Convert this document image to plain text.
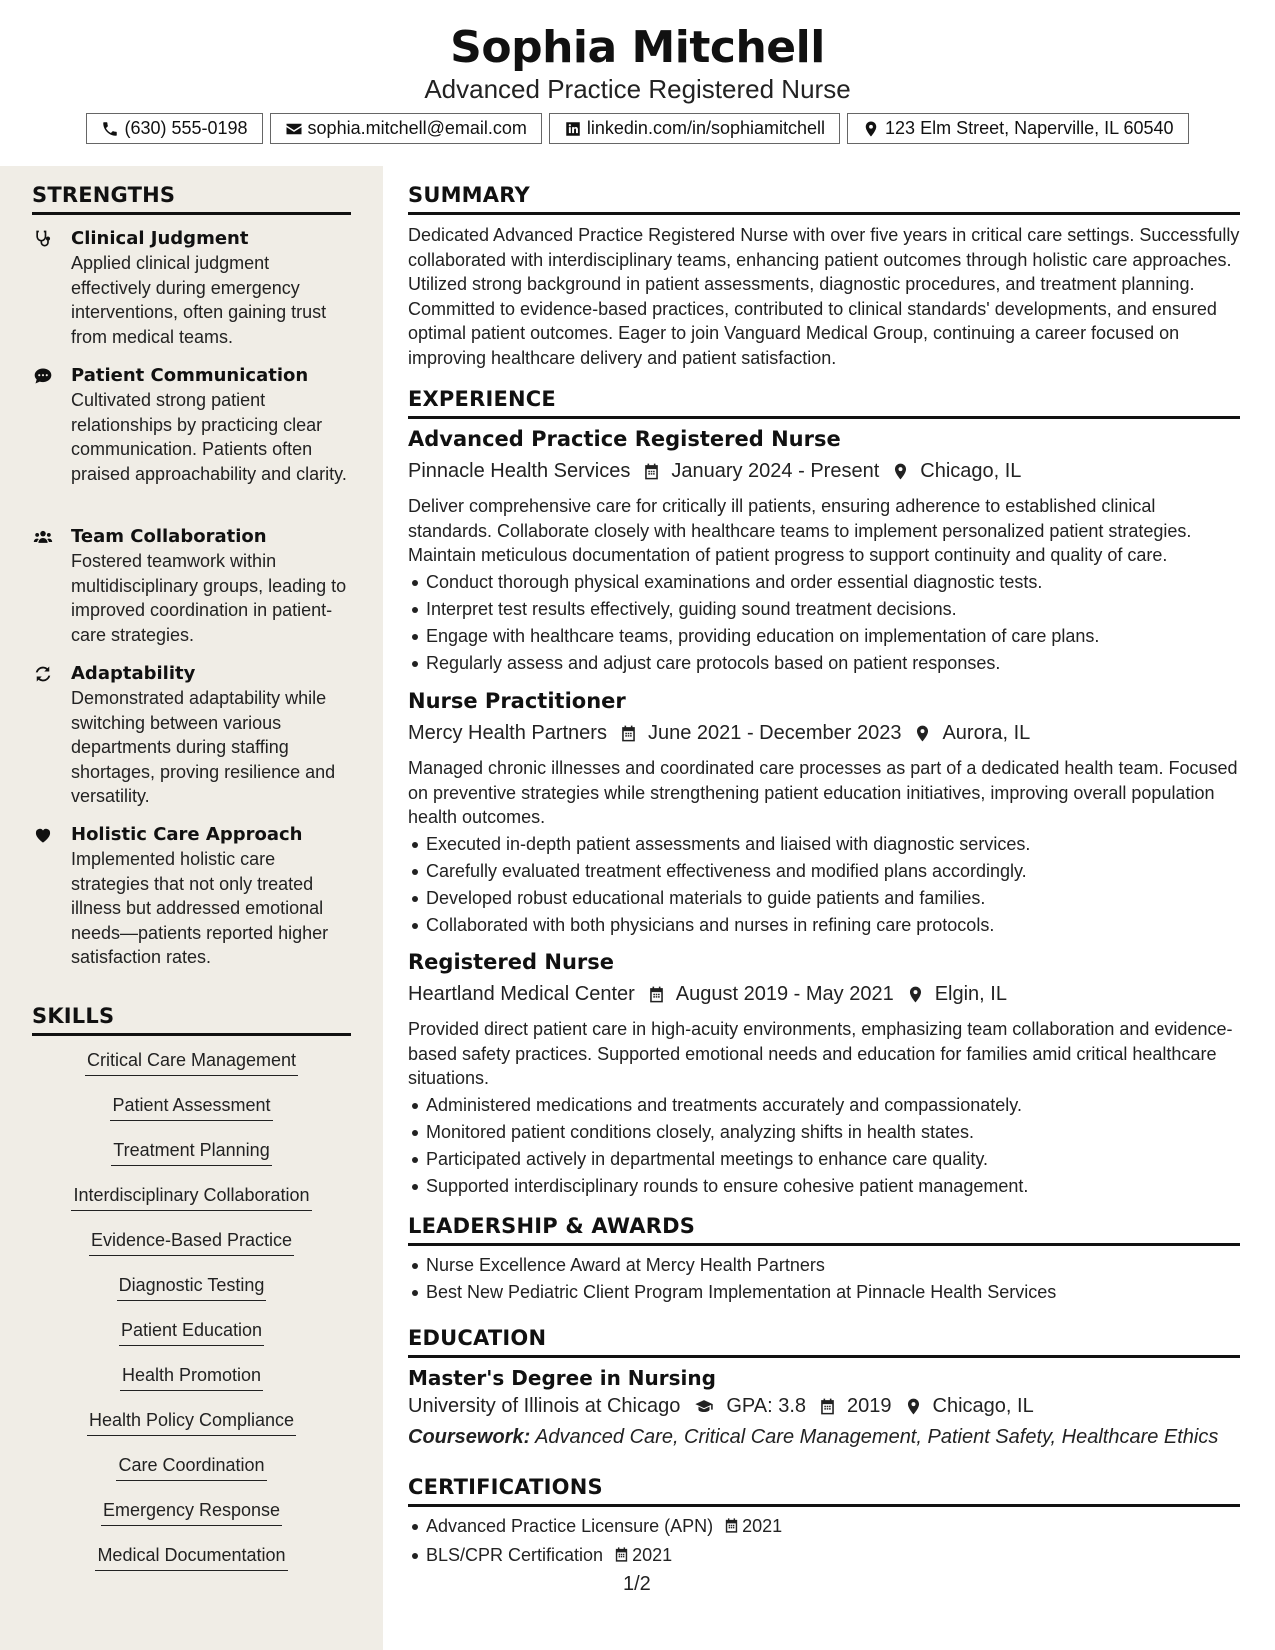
Sophia Mitchell
Advanced Practice Registered Nurse
(630) 555-0198	sophia.mitchell@email.com	linkedin.com/in/sophiamitchell	123 Elm Street, Naperville, IL 60540
STRENGTHS
Clinical Judgment
Applied clinical judgment effectively during emergency interventions, often gaining trust from medical teams.
Patient Communication
Cultivated strong patient relationships by practicing clear communication. Patients often praised approachability and clarity.
Team Collaboration
Fostered teamwork within multidisciplinary groups, leading to improved coordination in patient-care strategies.
Adaptability
Demonstrated adaptability while switching between various departments during staffing shortages, proving resilience and versatility.
Holistic Care Approach
Implemented holistic care strategies that not only treated illness but addressed emotional needs—patients reported higher satisfaction rates.
SKILLS
Critical Care Management
Patient Assessment
Treatment Planning
Interdisciplinary Collaboration
Evidence-Based Practice
Diagnostic Testing
Patient Education
Health Promotion
Health Policy Compliance
Care Coordination
Emergency Response
Medical Documentation
SUMMARY
Dedicated Advanced Practice Registered Nurse with over five years in critical care settings. Successfully collaborated with interdisciplinary teams, enhancing patient outcomes through holistic care approaches. Utilized strong background in patient assessments, diagnostic procedures, and treatment planning. Committed to evidence-based practices, contributed to clinical standards' developments, and ensured optimal patient outcomes. Eager to join Vanguard Medical Group, continuing a career focused on improving healthcare delivery and patient satisfaction.
EXPERIENCE
Advanced Practice Registered Nurse
Pinnacle Health Services January 2024 - Present Chicago, IL
Deliver comprehensive care for critically ill patients, ensuring adherence to established clinical standards. Collaborate closely with healthcare teams to implement personalized patient strategies. Maintain meticulous documentation of patient progress to support continuity and quality of care.
Conduct thorough physical examinations and order essential diagnostic tests.
Interpret test results effectively, guiding sound treatment decisions.
Engage with healthcare teams, providing education on implementation of care plans.
Regularly assess and adjust care protocols based on patient responses.
Nurse Practitioner
Mercy Health Partners June 2021 - December 2023 Aurora, IL
Managed chronic illnesses and coordinated care processes as part of a dedicated health team. Focused on preventive strategies while strengthening patient education initiatives, improving overall population health outcomes.
Executed in-depth patient assessments and liaised with diagnostic services.
Carefully evaluated treatment effectiveness and modified plans accordingly.
Developed robust educational materials to guide patients and families.
Collaborated with both physicians and nurses in refining care protocols.
Registered Nurse
Heartland Medical Center August 2019 - May 2021 Elgin, IL
Provided direct patient care in high-acuity environments, emphasizing team collaboration and evidence-based safety practices. Supported emotional needs and education for families amid critical healthcare situations.
Administered medications and treatments accurately and compassionately.
Monitored patient conditions closely, analyzing shifts in health states.
Participated actively in departmental meetings to enhance care quality.
Supported interdisciplinary rounds to ensure cohesive patient management.
LEADERSHIP & AWARDS
Nurse Excellence Award at Mercy Health Partners
Best New Pediatric Client Program Implementation at Pinnacle Health Services
EDUCATION
Master's Degree in Nursing
University of Illinois at Chicago GPA: 3.8 2019 Chicago, IL
Coursework: Advanced Care, Critical Care Management, Patient Safety, Healthcare Ethics
CERTIFICATIONS
Advanced Practice Licensure (APN) 2021
BLS/CPR Certification 2021
1/2
